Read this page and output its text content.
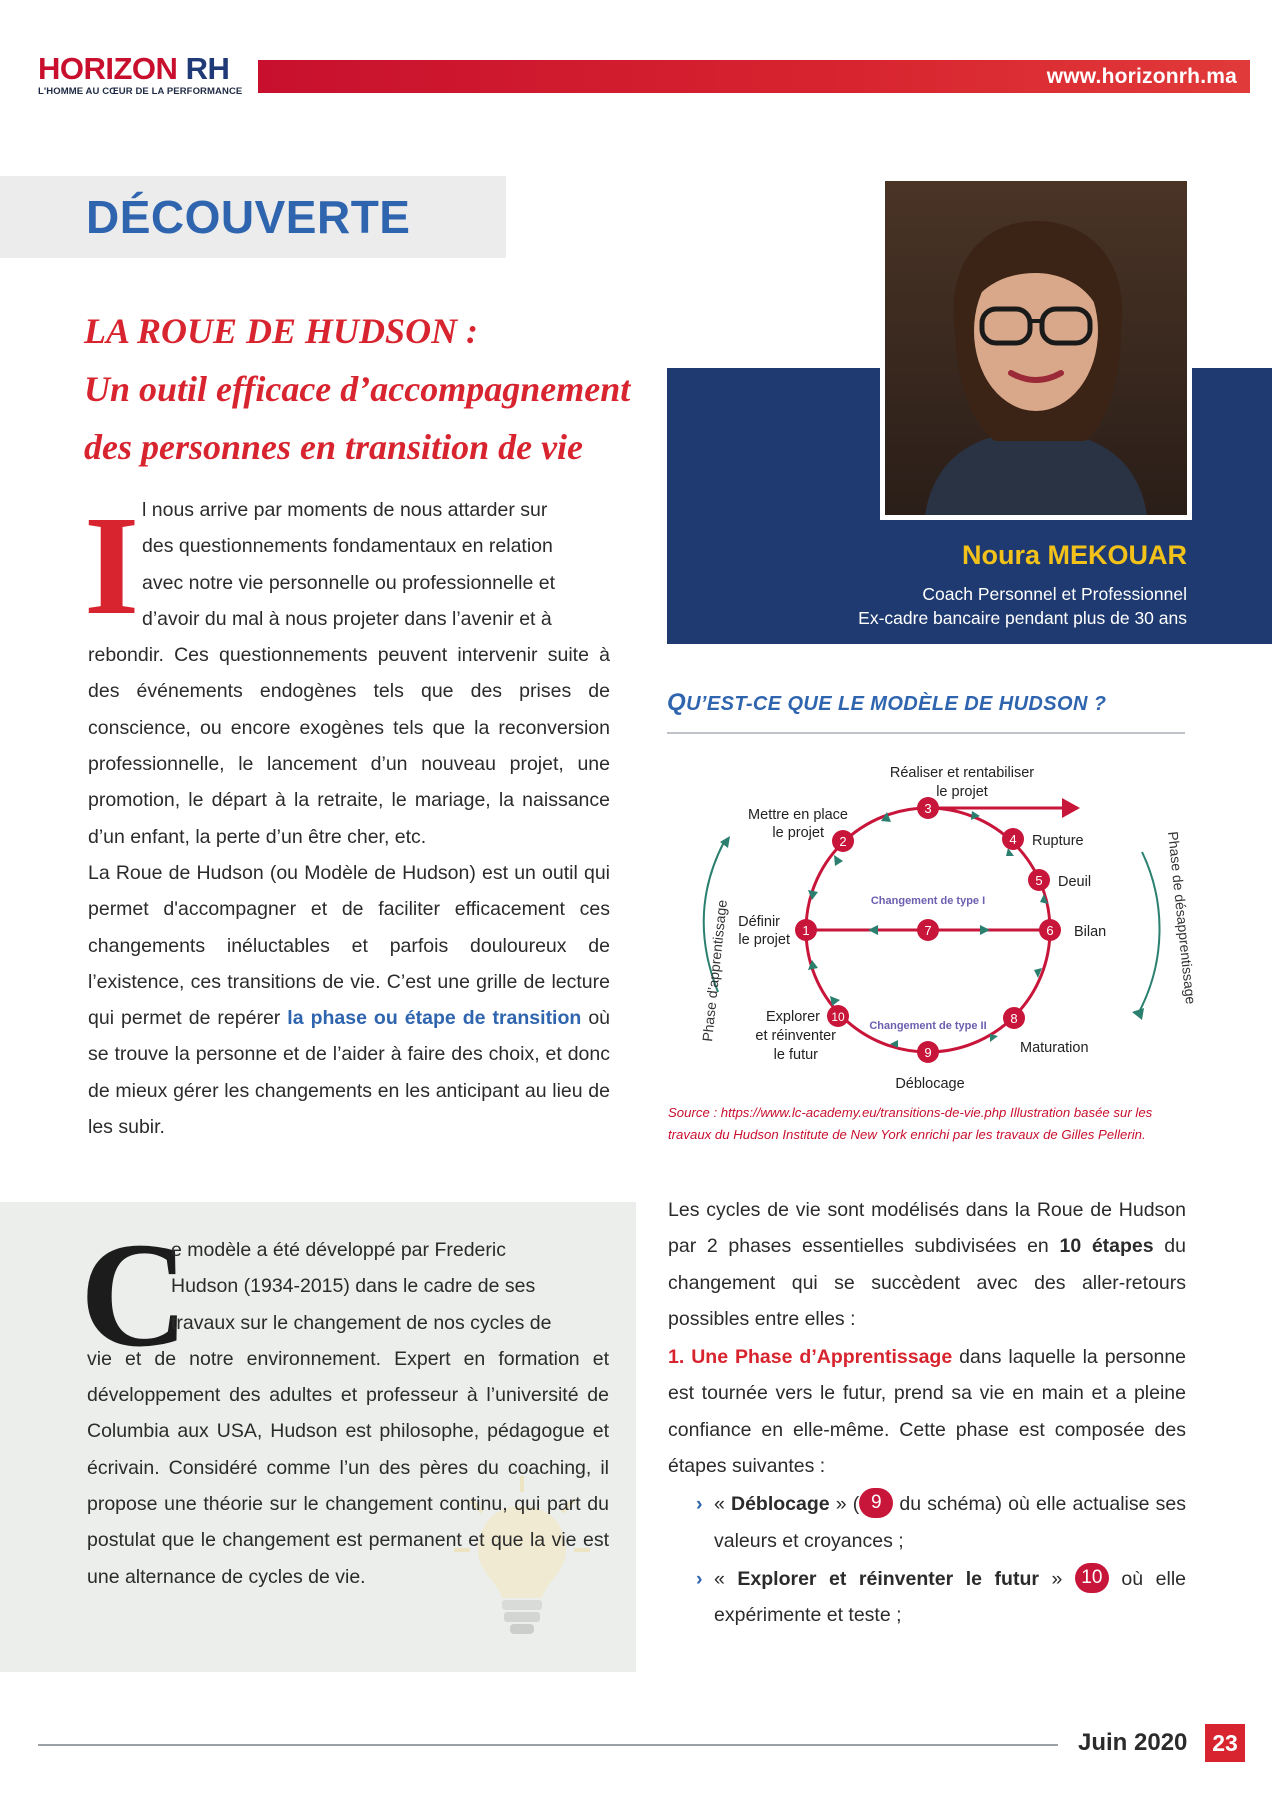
HORIZON RH
L'HOMME AU CŒUR DE LA PERFORMANCE
www.horizonrh.ma
DÉCOUVERTE
LA ROUE DE HUDSON :
Un outil efficace d’accompagnement
des personnes en transition de vie
I l nous arrive par moments de nous attarder sur
des questionnements fondamentaux en relation
avec notre vie personnelle ou professionnelle et
d’avoir du mal à nous projeter dans l’avenir et à
rebondir. Ces questionnements peuvent intervenir suite à des événements endogènes tels que des prises de conscience, ou encore exogènes tels que la reconversion professionnelle, le lancement d’un nouveau projet, une promotion, le départ à la retraite, le mariage, la naissance d’un enfant, la perte d’un être cher, etc.
La Roue de Hudson (ou Modèle de Hudson) est un outil qui permet d'accompagner et de faciliter efficacement ces changements inéluctables et parfois douloureux de l’existence, ces transitions de vie. C’est une grille de lecture qui permet de repérer la phase ou étape de transition où se trouve la personne et de l’aider à faire des choix, et donc de mieux gérer les changements en les anticipant au lieu de les subir.
C
e modèle a été développé par Frederic
Hudson (1934-2015) dans le cadre de ses
travaux sur le changement de nos cycles de
vie et de notre environnement. Expert en formation et développement des adultes et professeur à l’université de Columbia aux USA, Hudson est philosophe, pédagogue et écrivain. Considéré comme l’un des pères du coaching, il propose une théorie sur le changement continu, qui part du postulat que le changement est permanent et que la vie est une alternance de cycles de vie.
Noura MEKOUAR
Coach Personnel et Professionnel
Ex-cadre bancaire pendant plus de 30 ans
QU’EST-CE QUE LE MODÈLE DE HUDSON ?
Phase d’apprentissage	Phase de désapprentissage
Changement de type I
Changement de type II
1
2
3
4
5
6
7
8
9
10
Définir
le projet
Mettre en place
le projet
Réaliser et rentabiliser
le projet
Rupture
Deuil
Bilan
Maturation
Déblocage
Explorer
et réinventer
le futur
Source : https://www.lc-academy.eu/transitions-de-vie.php Illustration basée sur les travaux du Hudson Institute de New York enrichi par les travaux de Gilles Pellerin.
Les cycles de vie sont modélisés dans la Roue de Hudson par 2 phases essentielles subdivisées en 10 étapes du changement qui se succèdent avec des aller-retours possibles entre elles :
1. Une Phase d’Apprentissage dans laquelle la personne est tournée vers le futur, prend sa vie en main et a pleine confiance en elle-même. Cette phase est composée des étapes suivantes :
› « Déblocage » ( 9 du schéma) où elle actualise ses valeurs et croyances ;
› « Explorer et réinventer le futur » 10 où elle expérimente et teste ;
Juin 2020	23
